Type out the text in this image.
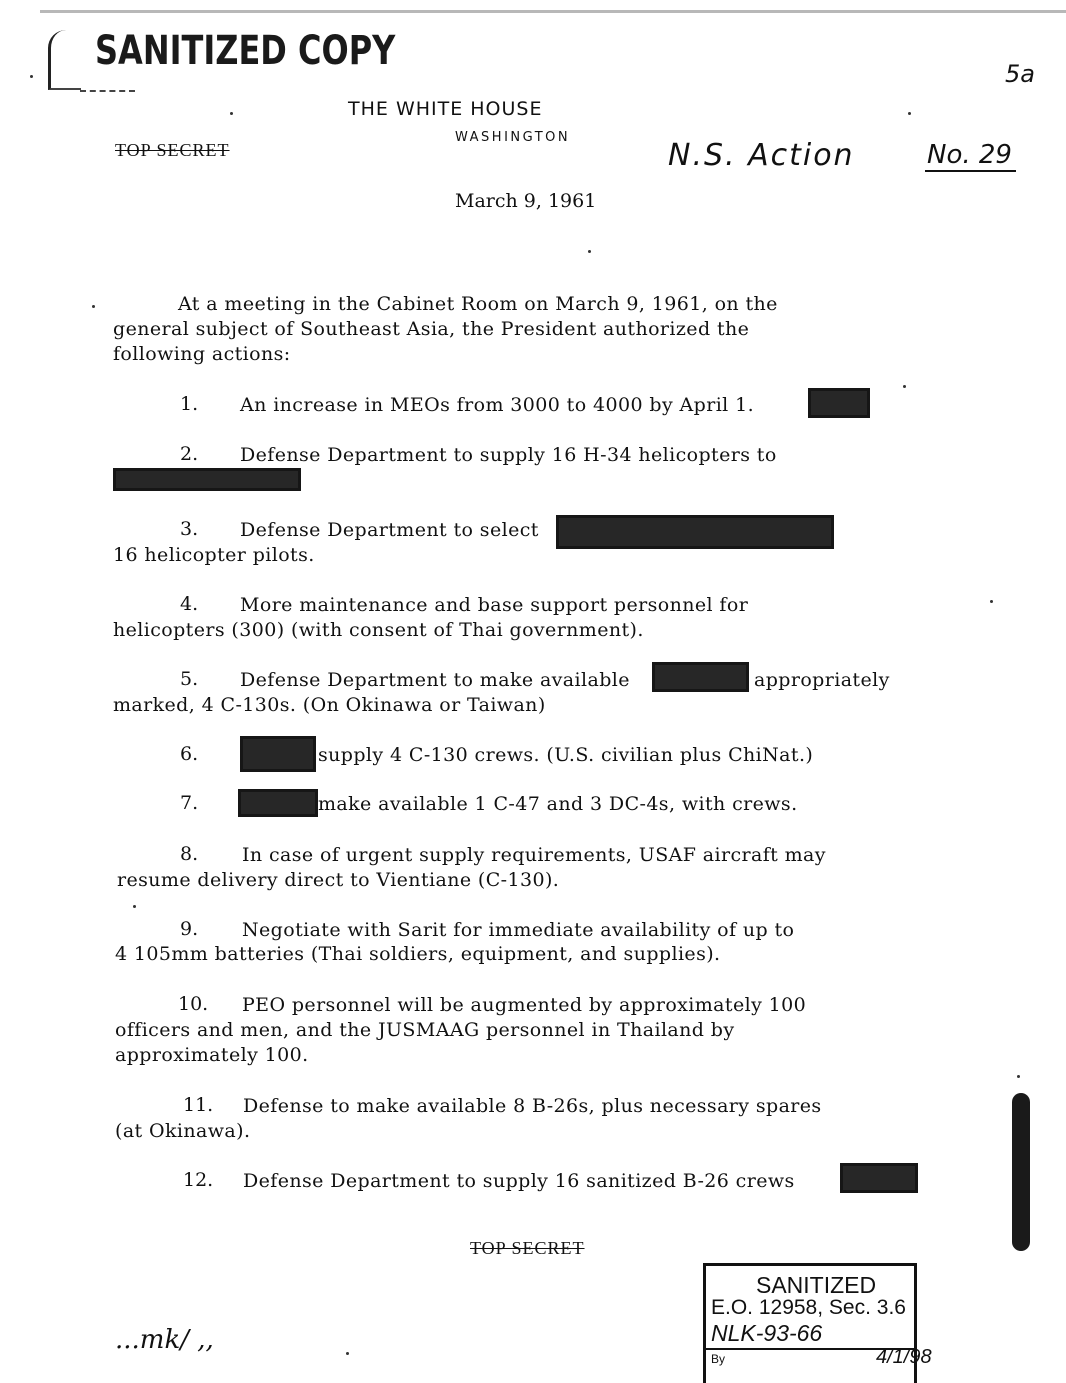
SANITIZED COPY	5a
THE WHITE HOUSE
WASHINGTON
TOP SECRET	N.S. Action	No. 29
March 9, 1961
At a meeting in the Cabinet Room on March 9, 1961, on the
general subject of Southeast Asia, the President authorized the
following actions:
1. An increase in MEOs from 3000 to 4000 by April 1.
2. Defense Department to supply 16 H-34 helicopters to
3. Defense Department to select
16 helicopter pilots.
4. More maintenance and base support personnel for
helicopters (300) (with consent of Thai government).
5. Defense Department to make available	appropriately
marked, 4 C-130s. (On Okinawa or Taiwan)
6.	supply 4 C-130 crews. (U.S. civilian plus ChiNat.)
7.	make available 1 C-47 and 3 DC-4s, with crews.
8. In case of urgent supply requirements, USAF aircraft may
resume delivery direct to Vientiane (C-130).
9. Negotiate with Sarit for immediate availability of up to
4 105mm batteries (Thai soldiers, equipment, and supplies).
10. PEO personnel will be augmented by approximately 100
officers and men, and the JUSMAAG personnel in Thailand by
approximately 100.
11. Defense to make available 8 B-26s, plus necessary spares
(at Okinawa).
12. Defense Department to supply 16 sanitized B-26 crews
TOP SECRET
SANITIZED
E.O. 12958, Sec. 3.6
NLK-93-66
By	4/1/98
...mk/ ,,
